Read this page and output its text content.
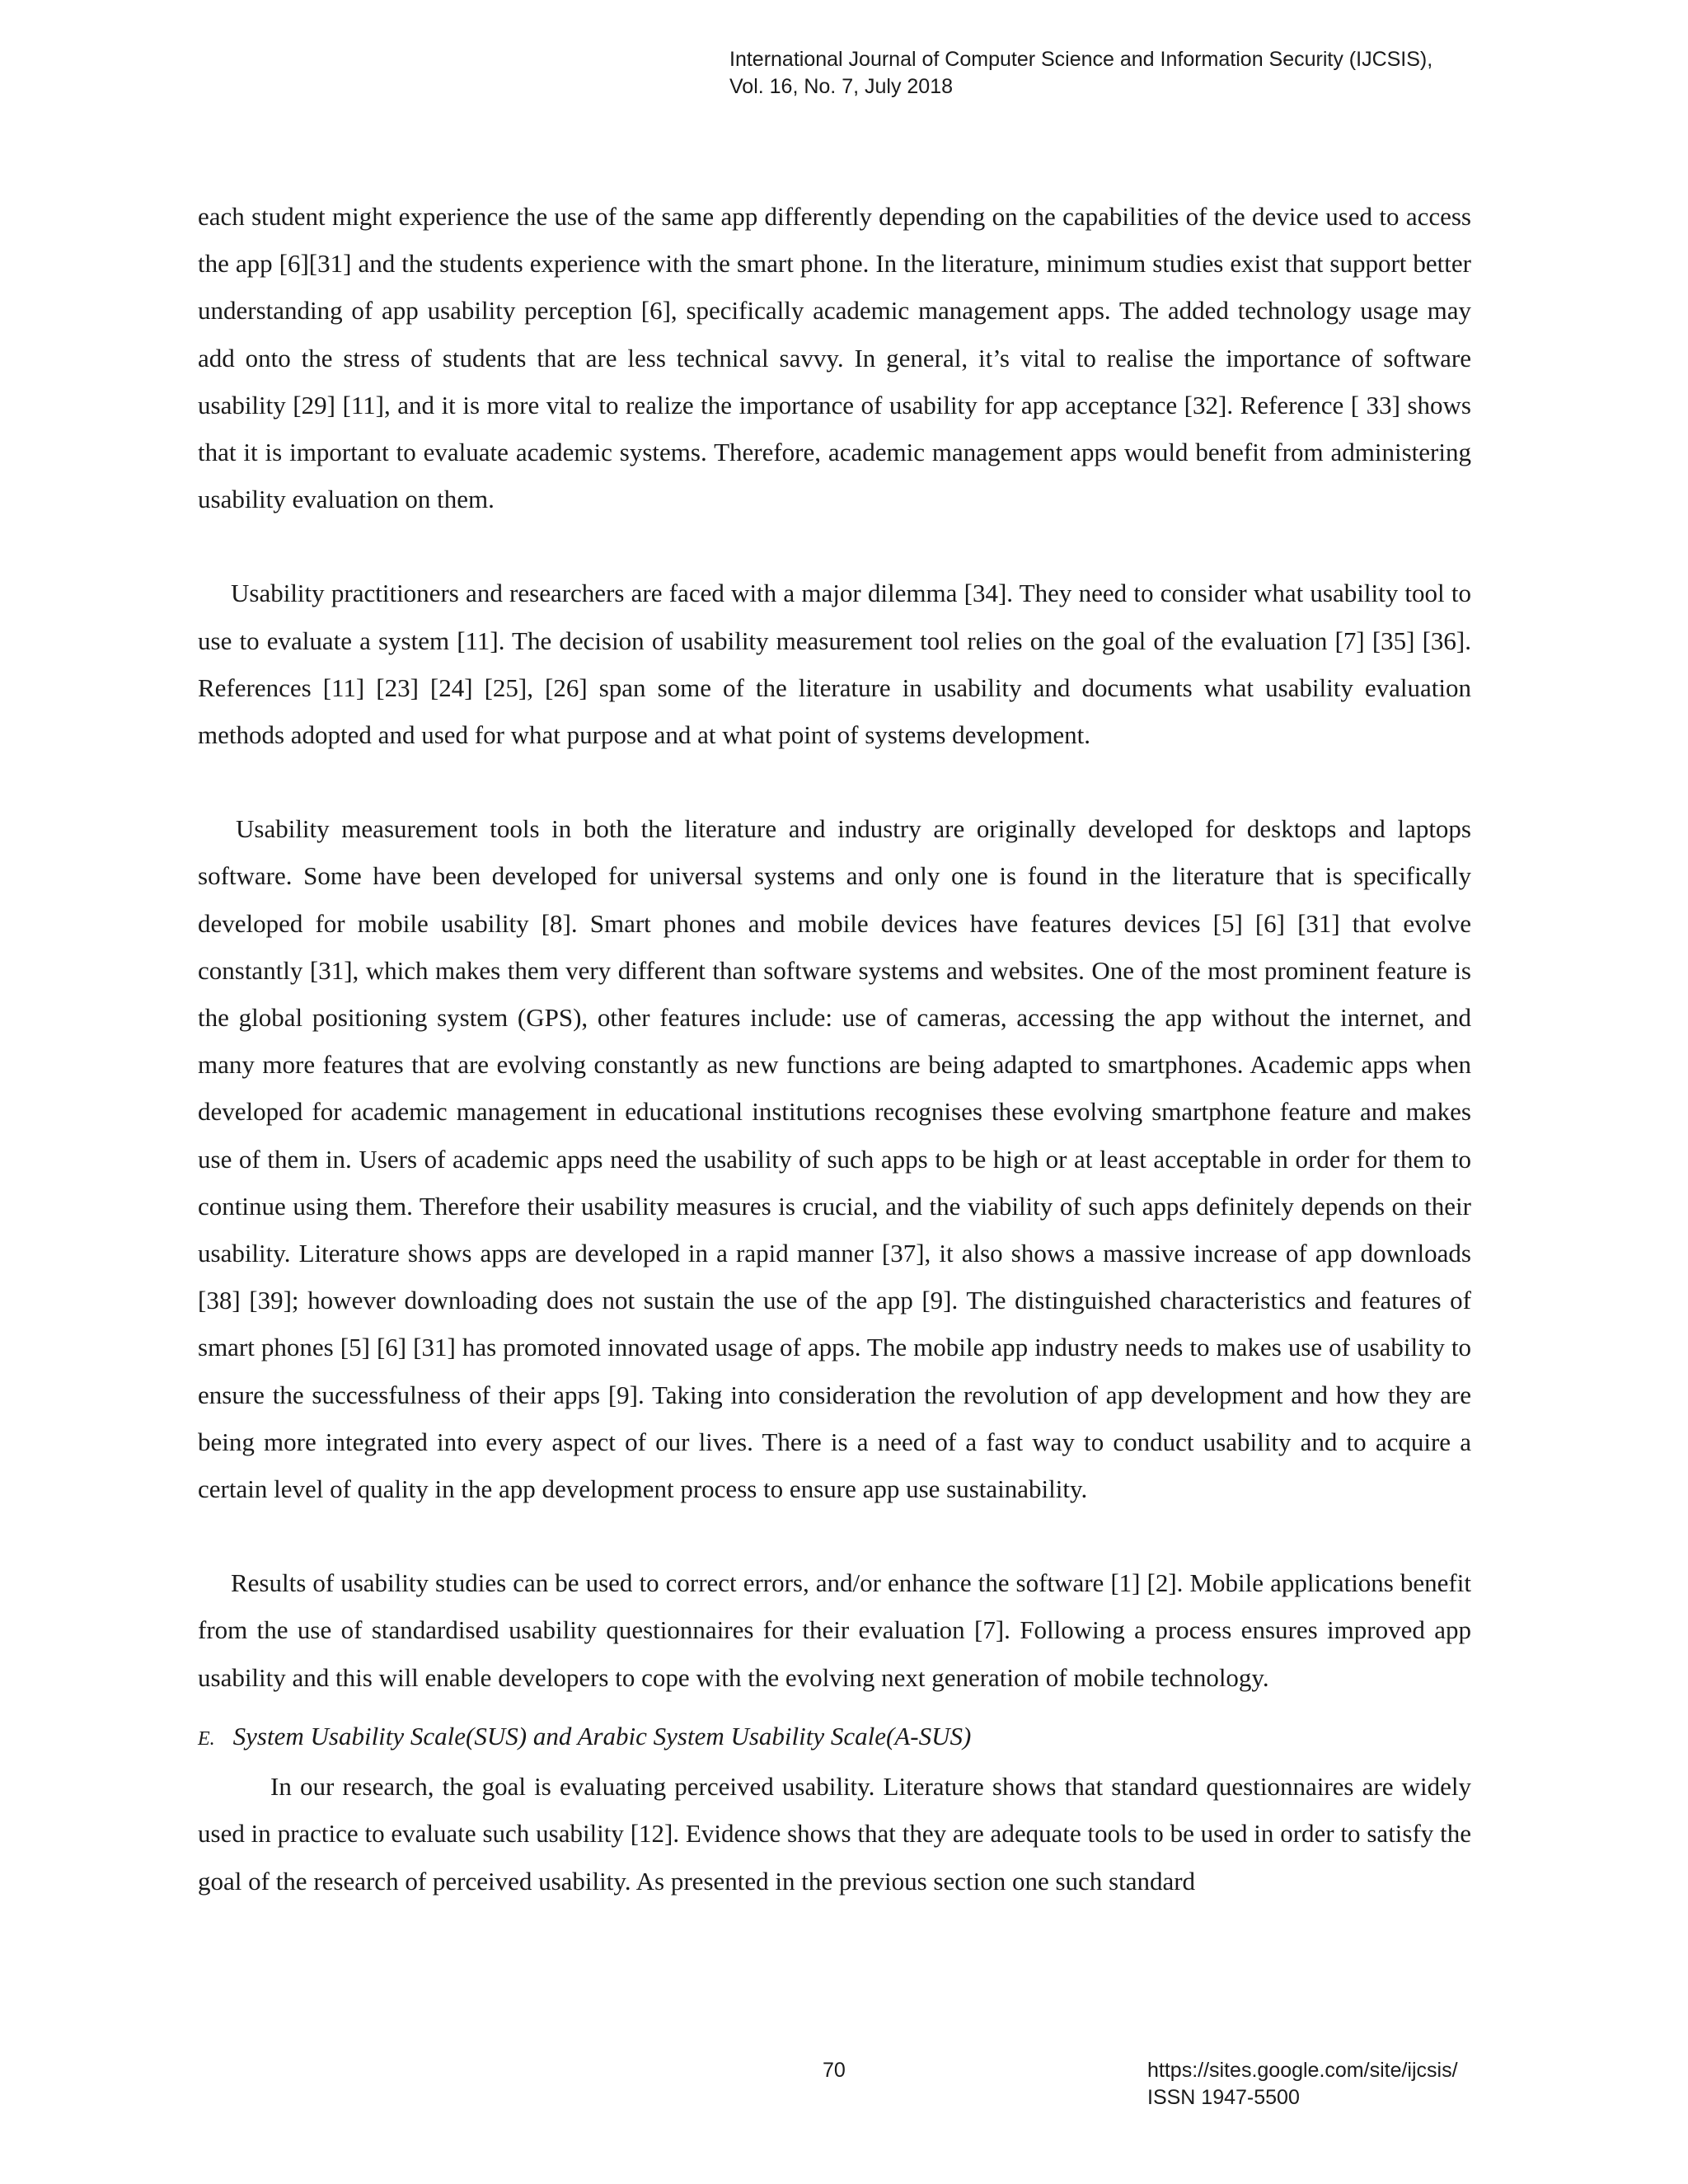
International Journal of Computer Science and Information Security (IJCSIS),
Vol. 16, No. 7, July 2018

each student might experience the use of the same app differently depending on the capabilities of the device used to access the app [6][31] and the students experience with the smart phone. In the literature, minimum studies exist that support better understanding of app usability perception [6], specifically academic management apps. The added technology usage may add onto the stress of students that are less technical savvy. In general, it’s vital to realise the importance of software usability [29] [11], and it is more vital to realize the importance of usability for app acceptance [32]. Reference [ 33] shows that it is important to evaluate academic systems. Therefore, academic management apps would benefit from administering usability evaluation on them.

Usability practitioners and researchers are faced with a major dilemma [34]. They need to consider what usability tool to use to evaluate a system [11]. The decision of usability measurement tool relies on the goal of the evaluation [7] [35] [36]. References [11] [23] [24] [25], [26] span some of the literature in usability and documents what usability evaluation methods adopted and used for what purpose and at what point of systems development.

Usability measurement tools in both the literature and industry are originally developed for desktops and laptops software. Some have been developed for universal systems and only one is found in the literature that is specifically developed for mobile usability [8]. Smart phones and mobile devices have features devices [5] [6] [31] that evolve constantly [31], which makes them very different than software systems and websites. One of the most prominent feature is the global positioning system (GPS), other features include: use of cameras, accessing the app without the internet, and many more features that are evolving constantly as new functions are being adapted to smartphones. Academic apps when developed for academic management in educational institutions recognises these evolving smartphone feature and makes use of them in. Users of academic apps need the usability of such apps to be high or at least acceptable in order for them to continue using them. Therefore their usability measures is crucial, and the viability of such apps definitely depends on their usability. Literature shows apps are developed in a rapid manner [37], it also shows a massive increase of app downloads [38] [39]; however downloading does not sustain the use of the app [9]. The distinguished characteristics and features of smart phones [5] [6] [31] has promoted innovated usage of apps. The mobile app industry needs to makes use of usability to ensure the successfulness of their apps [9]. Taking into consideration the revolution of app development and how they are being more integrated into every aspect of our lives. There is a need of a fast way to conduct usability and to acquire a certain level of quality in the app development process to ensure app use sustainability.

Results of usability studies can be used to correct errors, and/or enhance the software [1] [2]. Mobile applications benefit from the use of standardised usability questionnaires for their evaluation [7]. Following a process ensures improved app usability and this will enable developers to cope with the evolving next generation of mobile technology.

E. System Usability Scale(SUS) and Arabic System Usability Scale(A-SUS)

In our research, the goal is evaluating perceived usability. Literature shows that standard questionnaires are widely used in practice to evaluate such usability [12]. Evidence shows that they are adequate tools to be used in order to satisfy the goal of the research of perceived usability. As presented in the previous section one such standard

70	https://sites.google.com/site/ijcsis/
ISSN 1947-5500
